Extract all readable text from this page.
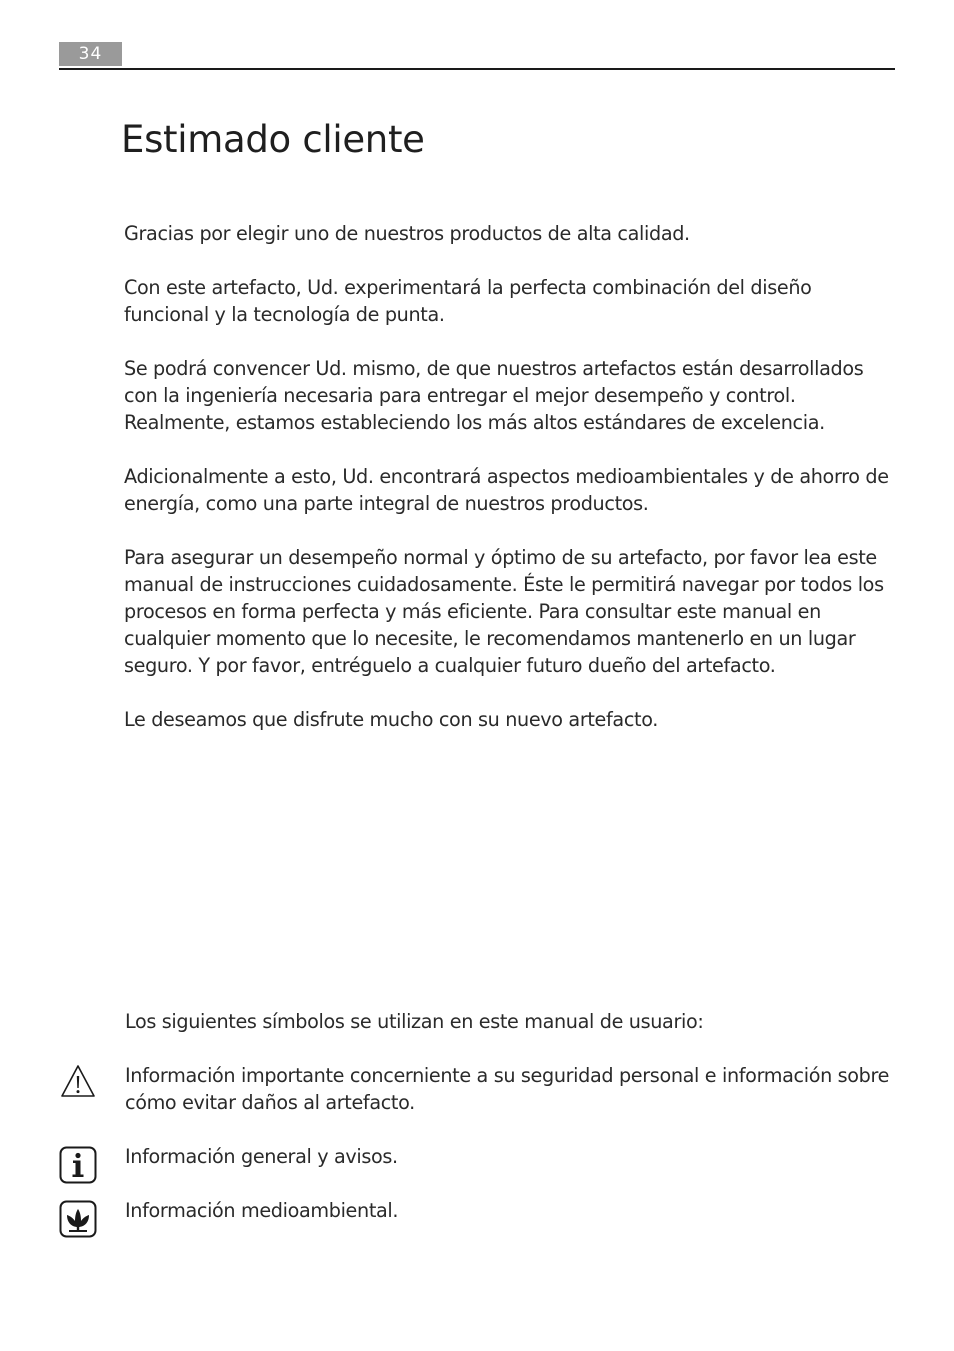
34
Estimado cliente

Gracias por elegir uno de nuestros productos de alta calidad.

Con este artefacto, Ud. experimentará la perfecta combinación del diseño funcional y la tecnología de punta.

Se podrá convencer Ud. mismo, de que nuestros artefactos están desarrollados con la ingeniería necesaria para entregar el mejor desempeño y control. Realmente, estamos estableciendo los más altos estándares de excelencia.

Adicionalmente a esto, Ud. encontrará aspectos medioambientales y de ahorro de energía, como una parte integral de nuestros productos.

Para asegurar un desempeño normal y óptimo de su artefacto, por favor lea este manual de instrucciones cuidadosamente. Éste le permitirá navegar por todos los procesos en forma perfecta y más eficiente. Para consultar este manual en cualquier momento que lo necesite, le recomendamos mantenerlo en un lugar seguro. Y por favor, entréguelo a cualquier futuro dueño del artefacto.

Le deseamos que disfrute mucho con su nuevo artefacto.

Los siguientes símbolos se utilizan en este manual de usuario:

Información importante concerniente a su seguridad personal e información sobre cómo evitar daños al artefacto.

Información general y avisos.

Información medioambiental.
